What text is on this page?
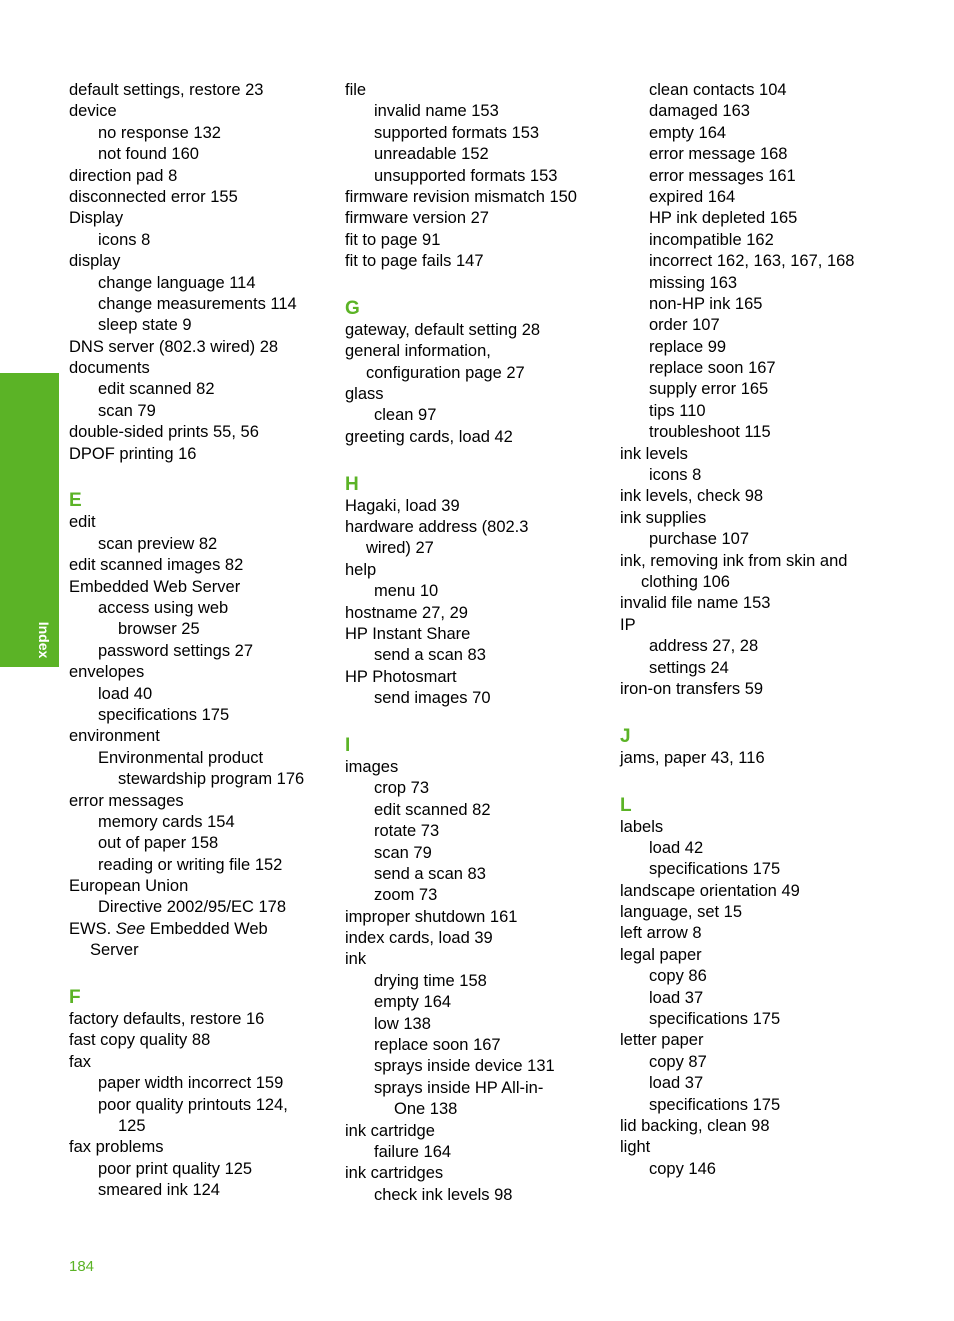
Index
default settings, restore 23
device
no response 132
not found 160
direction pad 8
disconnected error 155
Display
icons 8
display
change language 114
change measurements 114
sleep state 9
DNS server (802.3 wired) 28
documents
edit scanned 82
scan 79
double-sided prints 55, 56
DPOF printing 16
E
edit
scan preview 82
edit scanned images 82
Embedded Web Server
access using web
browser 25
password settings 27
envelopes
load 40
specifications 175
environment
Environmental product
stewardship program 176
error messages
memory cards 154
out of paper 158
reading or writing file 152
European Union
Directive 2002/95/EC 178
EWS. See Embedded Web
Server
F
factory defaults, restore 16
fast copy quality 88
fax
paper width incorrect 159
poor quality printouts 124,
125
fax problems
poor print quality 125
smeared ink 124
file
invalid name 153
supported formats 153
unreadable 152
unsupported formats 153
firmware revision mismatch 150
firmware version 27
fit to page 91
fit to page fails 147
G
gateway, default setting 28
general information,
configuration page 27
glass
clean 97
greeting cards, load 42
H
Hagaki, load 39
hardware address (802.3
wired) 27
help
menu 10
hostname 27, 29
HP Instant Share
send a scan 83
HP Photosmart
send images 70
I
images
crop 73
edit scanned 82
rotate 73
scan 79
send a scan 83
zoom 73
improper shutdown 161
index cards, load 39
ink
drying time 158
empty 164
low 138
replace soon 167
sprays inside device 131
sprays inside HP All-in-
One 138
ink cartridge
failure 164
ink cartridges
check ink levels 98
clean contacts 104
damaged 163
empty 164
error message 168
error messages 161
expired 164
HP ink depleted 165
incompatible 162
incorrect 162, 163, 167, 168
missing 163
non-HP ink 165
order 107
replace 99
replace soon 167
supply error 165
tips 110
troubleshoot 115
ink levels
icons 8
ink levels, check 98
ink supplies
purchase 107
ink, removing ink from skin and
clothing 106
invalid file name 153
IP
address 27, 28
settings 24
iron-on transfers 59
J
jams, paper 43, 116
L
labels
load 42
specifications 175
landscape orientation 49
language, set 15
left arrow 8
legal paper
copy 86
load 37
specifications 175
letter paper
copy 87
load 37
specifications 175
lid backing, clean 98
light
copy 146
184
